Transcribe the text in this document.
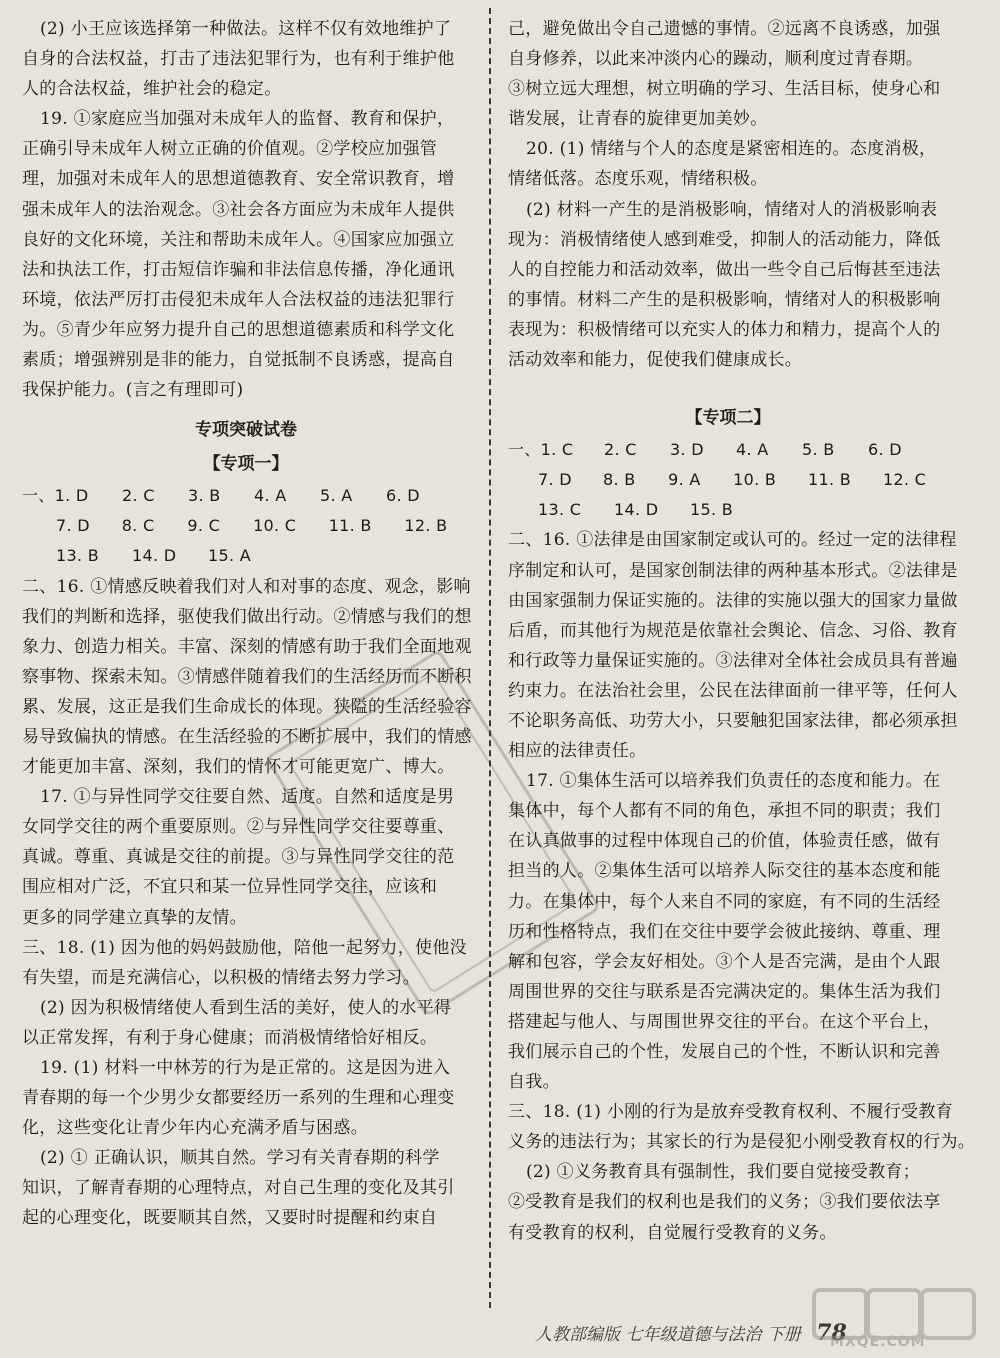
(2) 小王应该选择第一种做法。这样不仅有效地维护了
自身的合法权益，打击了违法犯罪行为，也有利于维护他
人的合法权益，维护社会的稳定。
19. ①家庭应当加强对未成年人的监督、教育和保护，
正确引导未成年人树立正确的价值观。②学校应加强管
理，加强对未成年人的思想道德教育、安全常识教育，增
强未成年人的法治观念。③社会各方面应为未成年人提供
良好的文化环境，关注和帮助未成年人。④国家应加强立
法和执法工作，打击短信诈骗和非法信息传播，净化通讯
环境，依法严厉打击侵犯未成年人合法权益的违法犯罪行
为。⑤青少年应努力提升自己的思想道德素质和科学文化
素质；增强辨别是非的能力，自觉抵制不良诱惑，提高自
我保护能力。(言之有理即可)
专项突破试卷
【专项一】
一、1. D	2. C	3. B	4. A	5. A	6. D
7. D	8. C	9. C	10. C	11. B	12. B
13. B	14. D	15. A
二、16. ①情感反映着我们对人和对事的态度、观念，影响
我们的判断和选择，驱使我们做出行动。②情感与我们的想
象力、创造力相关。丰富、深刻的情感有助于我们全面地观
察事物、探索未知。③情感伴随着我们的生活经历而不断积
累、发展，这正是我们生命成长的体现。狭隘的生活经验容
易导致偏执的情感。在生活经验的不断扩展中，我们的情感
才能更加丰富、深刻，我们的情怀才可能更宽广、博大。
17. ①与异性同学交往要自然、适度。自然和适度是男
女同学交往的两个重要原则。②与异性同学交往要尊重、
真诚。尊重、真诚是交往的前提。③与异性同学交往的范
围应相对广泛，不宜只和某一位异性同学交往，应该和
更多的同学建立真挚的友情。
三、18. (1) 因为他的妈妈鼓励他，陪他一起努力，使他没
有失望，而是充满信心，以积极的情绪去努力学习。
(2) 因为积极情绪使人看到生活的美好，使人的水平得
以正常发挥，有利于身心健康；而消极情绪恰好相反。
19. (1) 材料一中林芳的行为是正常的。这是因为进入
青春期的每一个少男少女都要经历一系列的生理和心理变
化，这些变化让青少年内心充满矛盾与困惑。
(2) ① 正确认识，顺其自然。学习有关青春期的科学
知识，了解青春期的心理特点，对自己生理的变化及其引
起的心理变化，既要顺其自然，又要时时提醒和约束自
己，避免做出令自己遗憾的事情。②远离不良诱惑，加强
自身修养，以此来冲淡内心的躁动，顺利度过青春期。
③树立远大理想，树立明确的学习、生活目标，使身心和
谐发展，让青春的旋律更加美妙。
20. (1) 情绪与个人的态度是紧密相连的。态度消极，
情绪低落。态度乐观，情绪积极。
(2) 材料一产生的是消极影响，情绪对人的消极影响表
现为：消极情绪使人感到难受，抑制人的活动能力，降低
人的自控能力和活动效率，做出一些令自己后悔甚至违法
的事情。材料二产生的是积极影响，情绪对人的积极影响
表现为：积极情绪可以充实人的体力和精力，提高个人的
活动效率和能力，促使我们健康成长。
【专项二】
一、1. C	2. C	3. D	4. A	5. B	6. D
7. D	8. B	9. A	10. B	11. B	12. C
13. C	14. D	15. B
二、16. ①法律是由国家制定或认可的。经过一定的法律程
序制定和认可，是国家创制法律的两种基本形式。②法律是
由国家强制力保证实施的。法律的实施以强大的国家力量做
后盾，而其他行为规范是依靠社会舆论、信念、习俗、教育
和行政等力量保证实施的。③法律对全体社会成员具有普遍
约束力。在法治社会里，公民在法律面前一律平等，任何人
不论职务高低、功劳大小，只要触犯国家法律，都必须承担
相应的法律责任。
17. ①集体生活可以培养我们负责任的态度和能力。在
集体中，每个人都有不同的角色，承担不同的职责；我们
在认真做事的过程中体现自己的价值，体验责任感，做有
担当的人。②集体生活可以培养人际交往的基本态度和能
力。在集体中，每个人来自不同的家庭，有不同的生活经
历和性格特点，我们在交往中要学会彼此接纳、尊重、理
解和包容，学会友好相处。③个人是否完满，是由个人跟
周围世界的交往与联系是否完满决定的。集体生活为我们
搭建起与他人、与周围世界交往的平台。在这个平台上，
我们展示自己的个性，发展自己的个性，不断认识和完善
自我。
三、18. (1) 小刚的行为是放弃受教育权利、不履行受教育
义务的违法行为；其家长的行为是侵犯小刚受教育权的行为。
(2) ①义务教育具有强制性，我们要自觉接受教育；
②受教育是我们的权利也是我们的义务；③我们要依法享
有受教育的权利，自觉履行受教育的义务。
人教部编版 七年级道德与法治 下册 78
MXQE.COM
